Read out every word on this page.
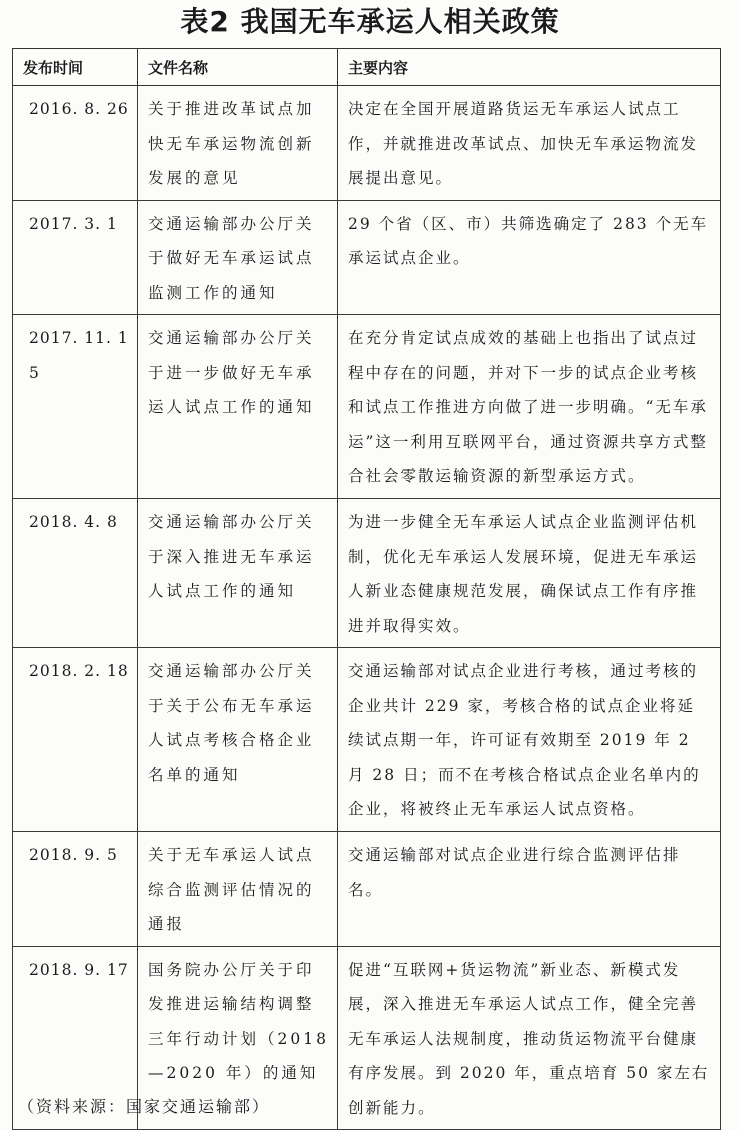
表2 我国无车承运人相关政策
发布时间	文件名称	主要内容
2016. 8. 26	关于推进改革试点加快无车承运物流创新发展的意见	决定在全国开展道路货运无车承运人试点工作，并就推进改革试点、加快无车承运物流发展提出意见。
2017. 3. 1	交通运输部办公厅关于做好无车承运试点监测工作的通知	29 个省（区、市）共筛选确定了 283 个无车承运试点企业。
2017. 11. 15	交通运输部办公厅关于进一步做好无车承运人试点工作的通知	在充分肯定试点成效的基础上也指出了试点过程中存在的问题，并对下一步的试点企业考核和试点工作推进方向做了进一步明确。“无车承运”这一利用互联网平台，通过资源共享方式整合社会零散运输资源的新型承运方式。
2018. 4. 8	交通运输部办公厅关于深入推进无车承运人试点工作的通知	为进一步健全无车承运人试点企业监测评估机制，优化无车承运人发展环境，促进无车承运人新业态健康规范发展，确保试点工作有序推进并取得实效。
2018. 2. 18	交通运输部办公厅关于关于公布无车承运人试点考核合格企业名单的通知	交通运输部对试点企业进行考核，通过考核的企业共计 229 家，考核合格的试点企业将延续试点期一年，许可证有效期至 2019 年 2 月 28 日；而不在考核合格试点企业名单内的企业，将被终止无车承运人试点资格。
2018. 9. 5	关于无车承运人试点综合监测评估情况的通报	交通运输部对试点企业进行综合监测评估排名。
2018. 9. 17	国务院办公厅关于印发推进运输结构调整三年行动计划（2018—2020 年）的通知	促进“互联网+货运物流”新业态、新模式发展，深入推进无车承运人试点工作，健全完善无车承运人法规制度，推动货运物流平台健康有序发展。到 2020 年，重点培育 50 家左右创新能力。
（资料来源：国家交通运输部）
